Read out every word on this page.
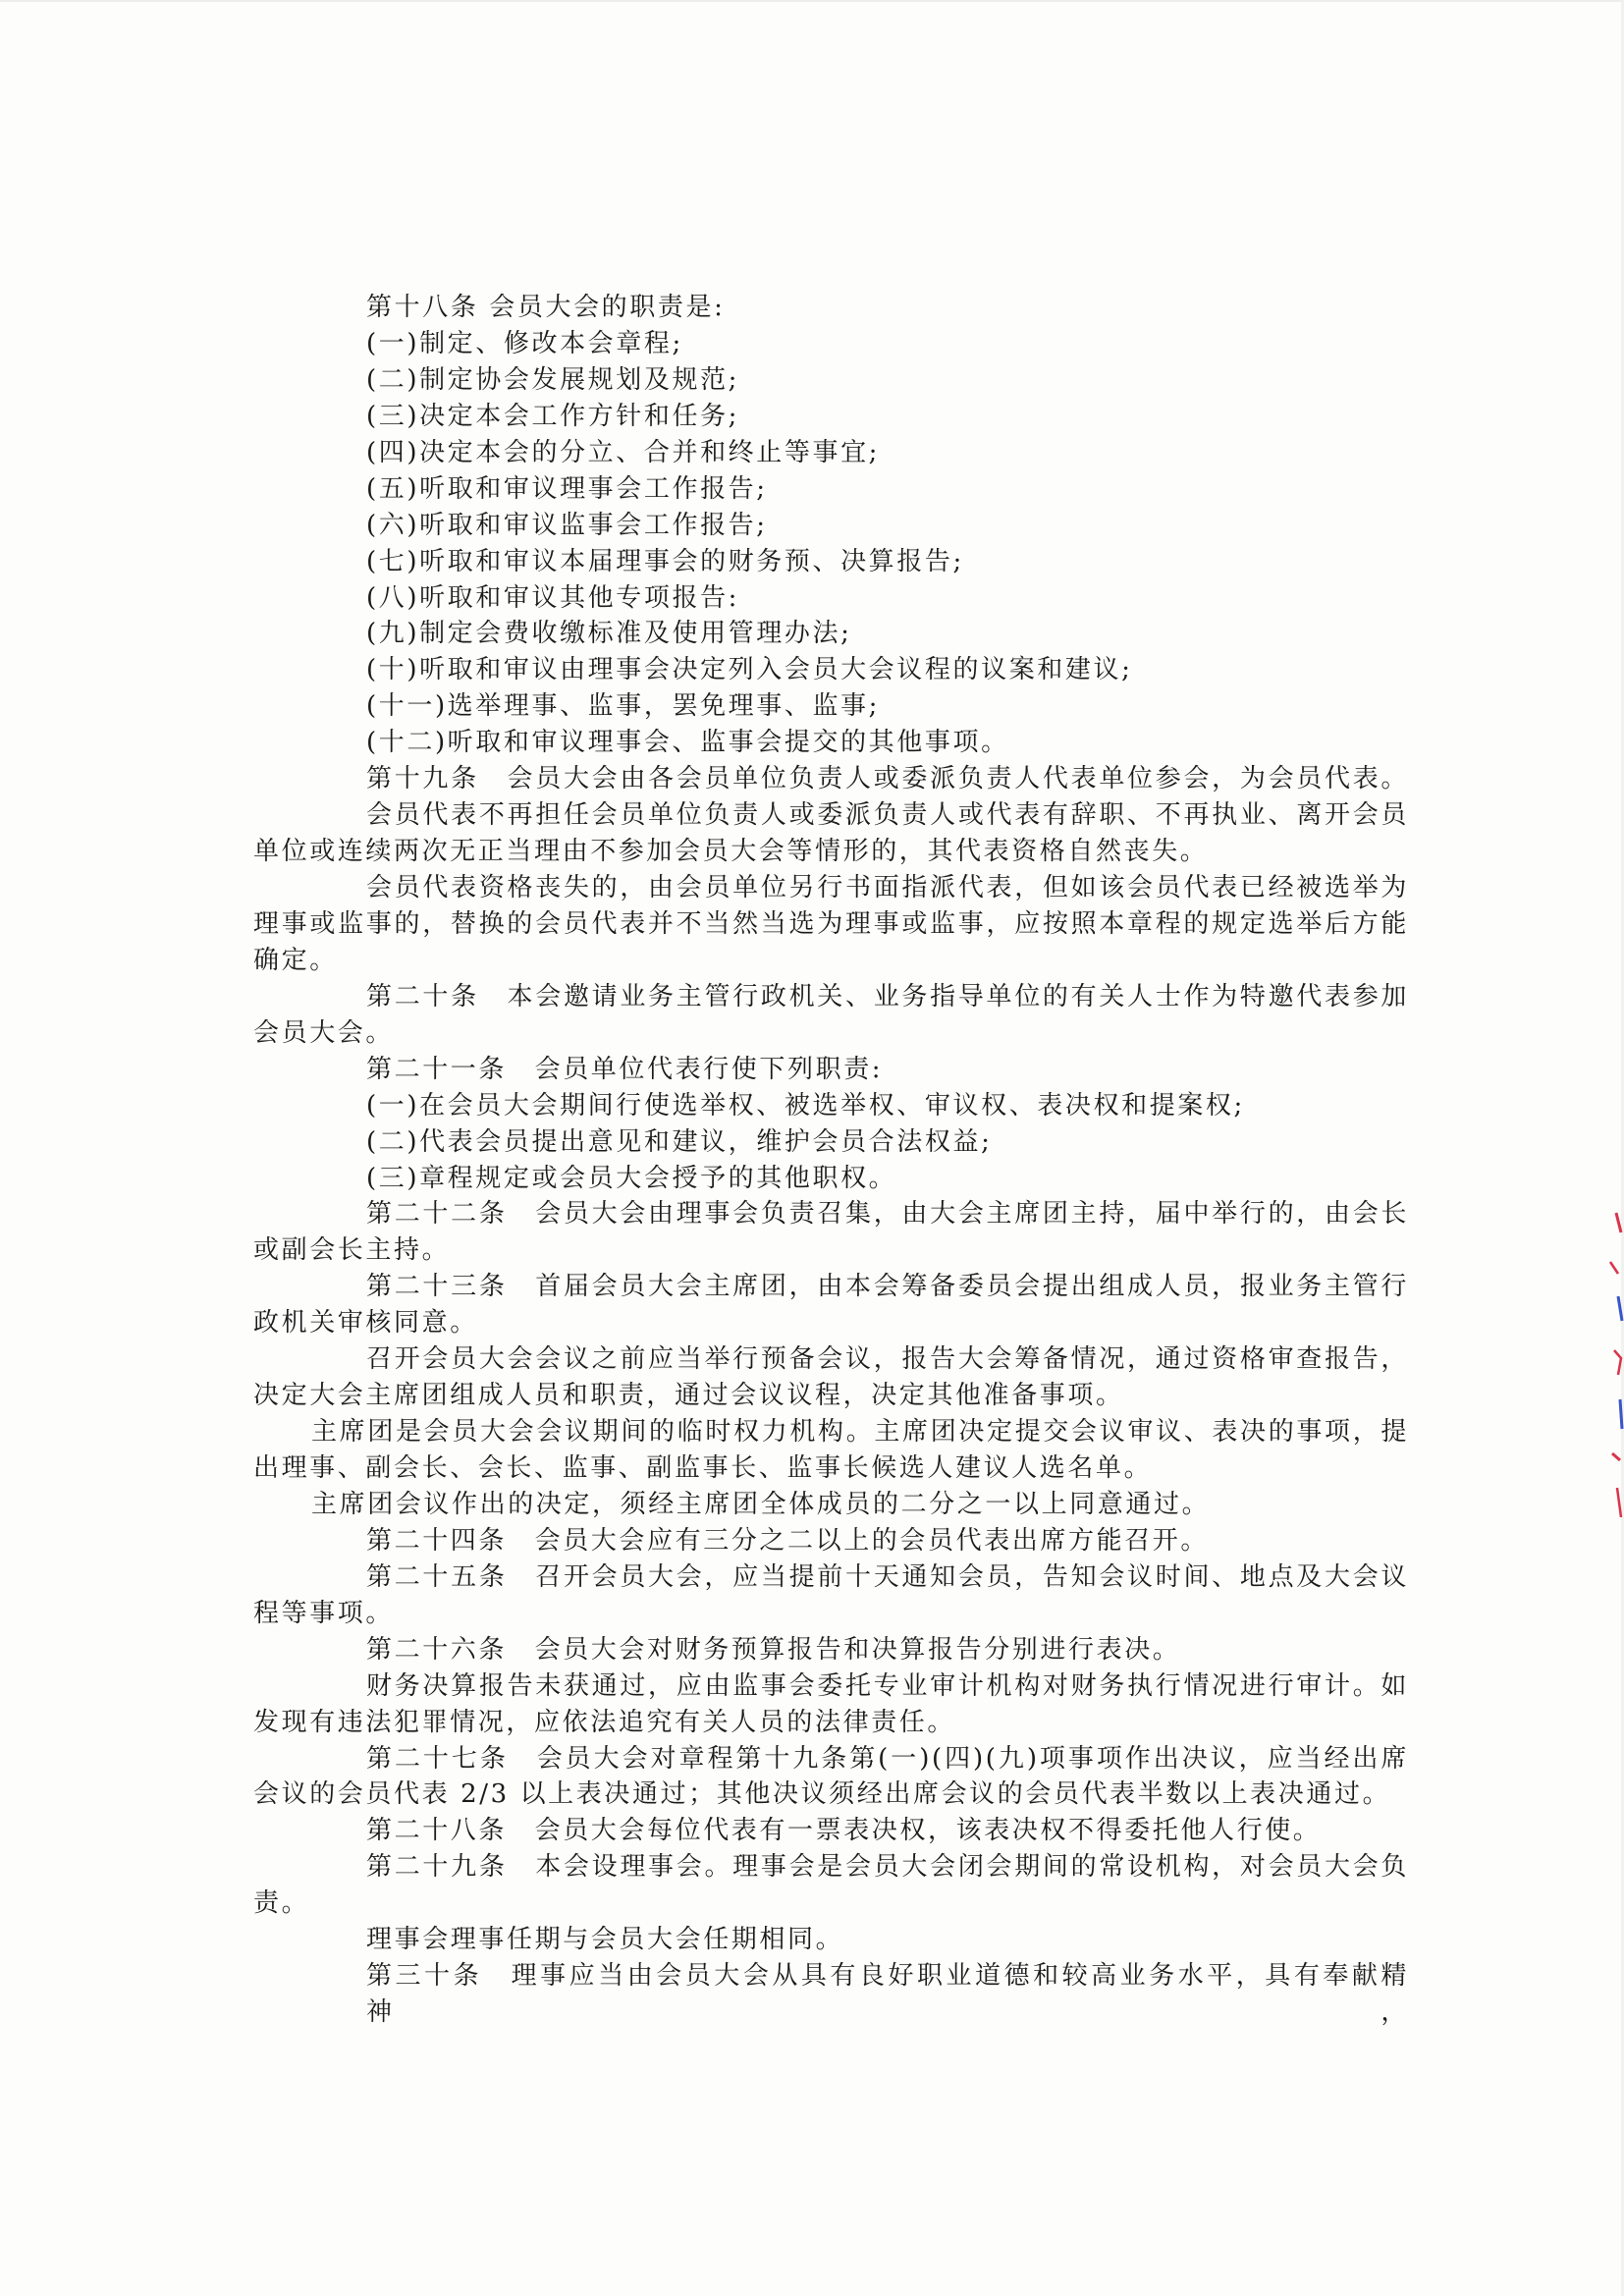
第十八条 会员大会的职责是:
(一)制定、修改本会章程;
(二)制定协会发展规划及规范;
(三)决定本会工作方针和任务;
(四)决定本会的分立、合并和终止等事宜;
(五)听取和审议理事会工作报告;
(六)听取和审议监事会工作报告;
(七)听取和审议本届理事会的财务预、决算报告;
(八)听取和审议其他专项报告:
(九)制定会费收缴标准及使用管理办法;
(十)听取和审议由理事会决定列入会员大会议程的议案和建议;
(十一)选举理事、监事，罢免理事、监事;
(十二)听取和审议理事会、监事会提交的其他事项。
第十九条　会员大会由各会员单位负责人或委派负责人代表单位参会，为会员代表。
会员代表不再担任会员单位负责人或委派负责人或代表有辞职、不再执业、离开会员
单位或连续两次无正当理由不参加会员大会等情形的，其代表资格自然丧失。
会员代表资格丧失的，由会员单位另行书面指派代表，但如该会员代表已经被选举为
理事或监事的，替换的会员代表并不当然当选为理事或监事，应按照本章程的规定选举后方能
确定。
第二十条　本会邀请业务主管行政机关、业务指导单位的有关人士作为特邀代表参加
会员大会。
第二十一条　会员单位代表行使下列职责:
(一)在会员大会期间行使选举权、被选举权、审议权、表决权和提案权;
(二)代表会员提出意见和建议，维护会员合法权益;
(三)章程规定或会员大会授予的其他职权。
第二十二条　会员大会由理事会负责召集，由大会主席团主持，届中举行的，由会长
或副会长主持。
第二十三条　首届会员大会主席团，由本会筹备委员会提出组成人员，报业务主管行
政机关审核同意。
召开会员大会会议之前应当举行预备会议，报告大会筹备情况，通过资格审查报告，
决定大会主席团组成人员和职责，通过会议议程，决定其他准备事项。
主席团是会员大会会议期间的临时权力机构。主席团决定提交会议审议、表决的事项，提
出理事、副会长、会长、监事、副监事长、监事长候选人建议人选名单。
主席团会议作出的决定，须经主席团全体成员的二分之一以上同意通过。
第二十四条　会员大会应有三分之二以上的会员代表出席方能召开。
第二十五条　召开会员大会，应当提前十天通知会员，告知会议时间、地点及大会议
程等事项。
第二十六条　会员大会对财务预算报告和决算报告分别进行表决。
财务决算报告未获通过，应由监事会委托专业审计机构对财务执行情况进行审计。如
发现有违法犯罪情况，应依法追究有关人员的法律责任。
第二十七条　会员大会对章程第十九条第(一)(四)(九)项事项作出决议，应当经出席
会议的会员代表 2/3 以上表决通过；其他决议须经出席会议的会员代表半数以上表决通过。
第二十八条　会员大会每位代表有一票表决权，该表决权不得委托他人行使。
第二十九条　本会设理事会。理事会是会员大会闭会期间的常设机构，对会员大会负
责。
理事会理事任期与会员大会任期相同。
第三十条　理事应当由会员大会从具有良好职业道德和较高业务水平，具有奉献精神，
